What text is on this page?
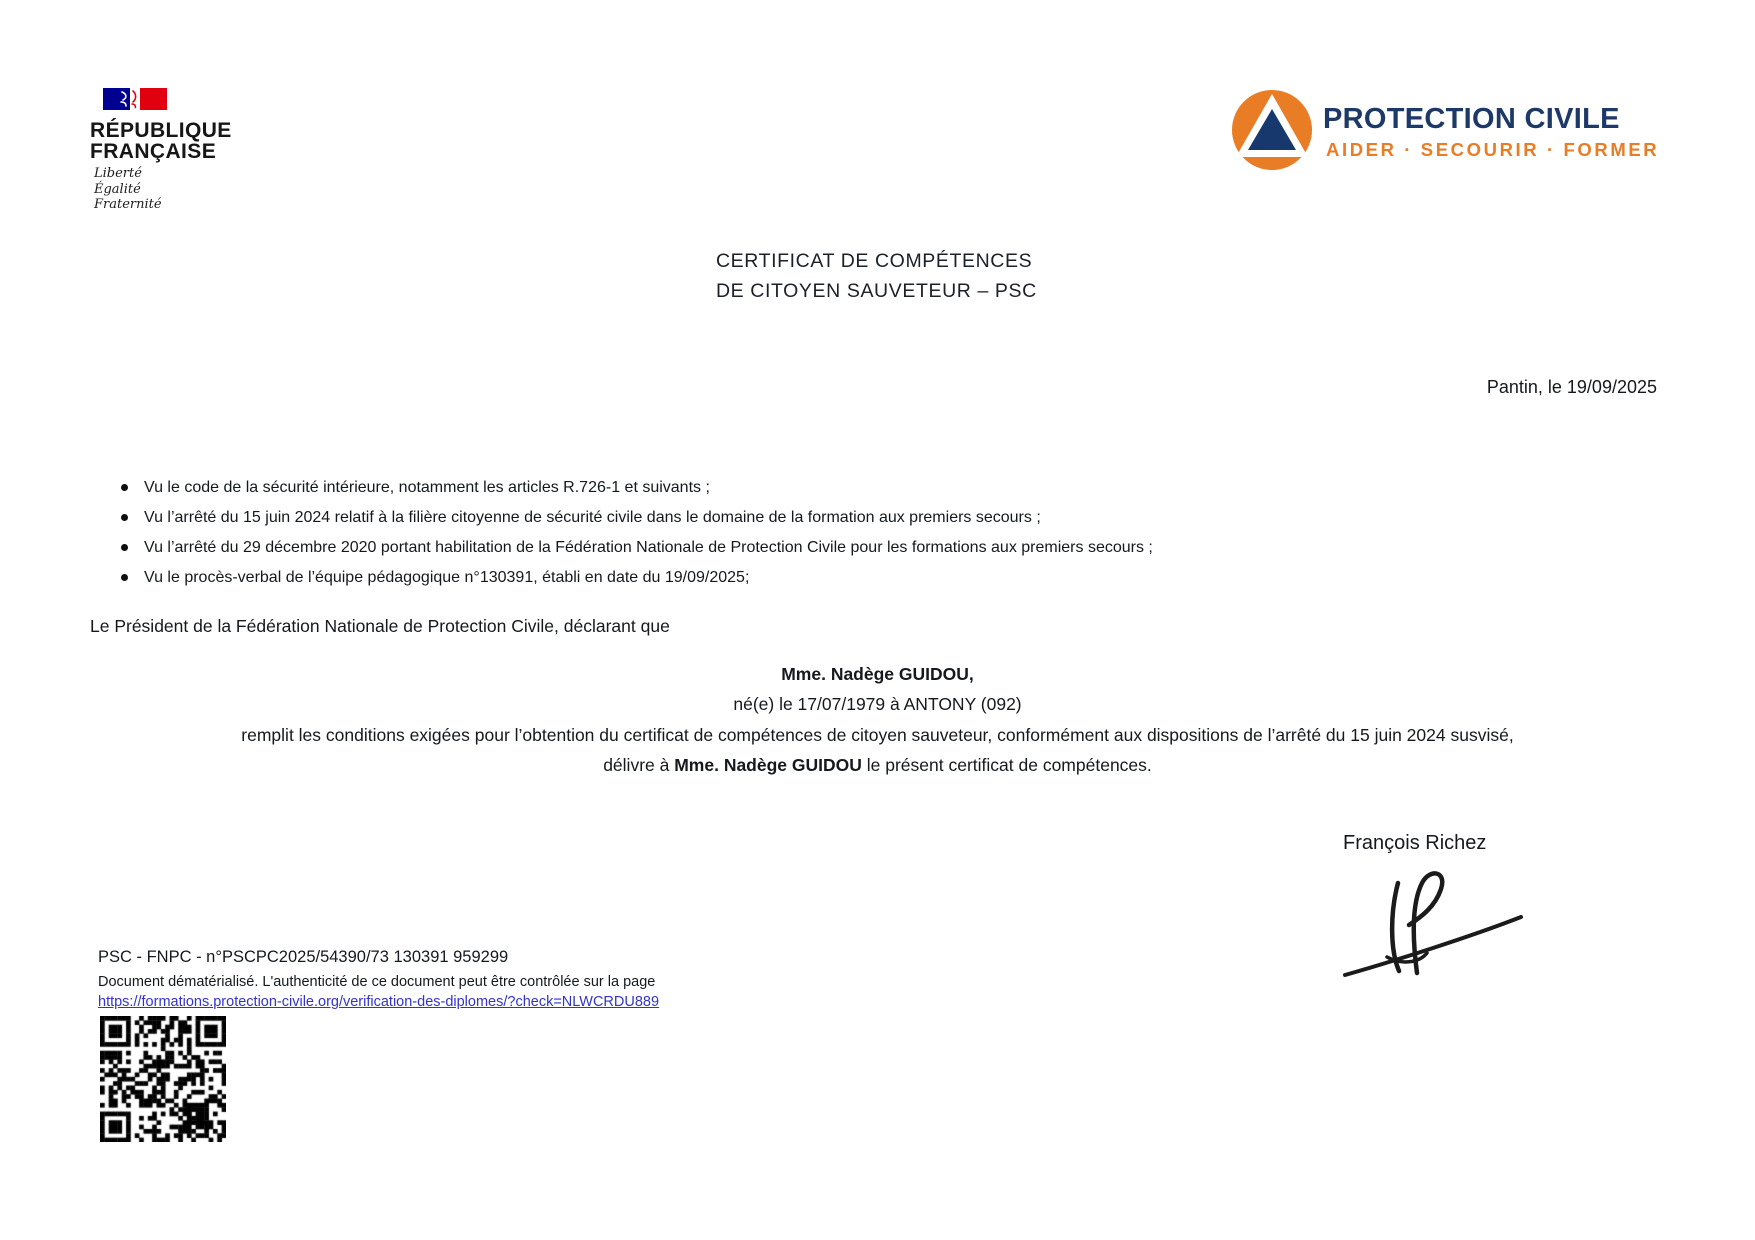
RÉPUBLIQUE
FRANÇAISE
Liberté
Égalité
Fraternité
PROTECTION CIVILE
AIDER · SECOURIR · FORMER
CERTIFICAT DE COMPÉTENCES
DE CITOYEN SAUVETEUR – PSC
Pantin, le 19/09/2025
Vu le code de la sécurité intérieure, notamment les articles R.726-1 et suivants ;
Vu l’arrêté du 15 juin 2024 relatif à la filière citoyenne de sécurité civile dans le domaine de la formation aux premiers secours ;
Vu l’arrêté du 29 décembre 2020 portant habilitation de la Fédération Nationale de Protection Civile pour les formations aux premiers secours ;
Vu le procès-verbal de l’équipe pédagogique n°130391, établi en date du 19/09/2025;
Le Président de la Fédération Nationale de Protection Civile, déclarant que
Mme. Nadège GUIDOU,
né(e) le 17/07/1979 à ANTONY (092)
remplit les conditions exigées pour l’obtention du certificat de compétences de citoyen sauveteur, conformément aux dispositions de l’arrêté du 15 juin 2024 susvisé,
délivre à Mme. Nadège GUIDOU le présent certificat de compétences.
François Richez
PSC - FNPC - n°PSCPC2025/54390/73 130391 959299
Document dématérialisé. L'authenticité de ce document peut être contrôlée sur la page
https://formations.protection-civile.org/verification-des-diplomes/?check=NLWCRDU889
